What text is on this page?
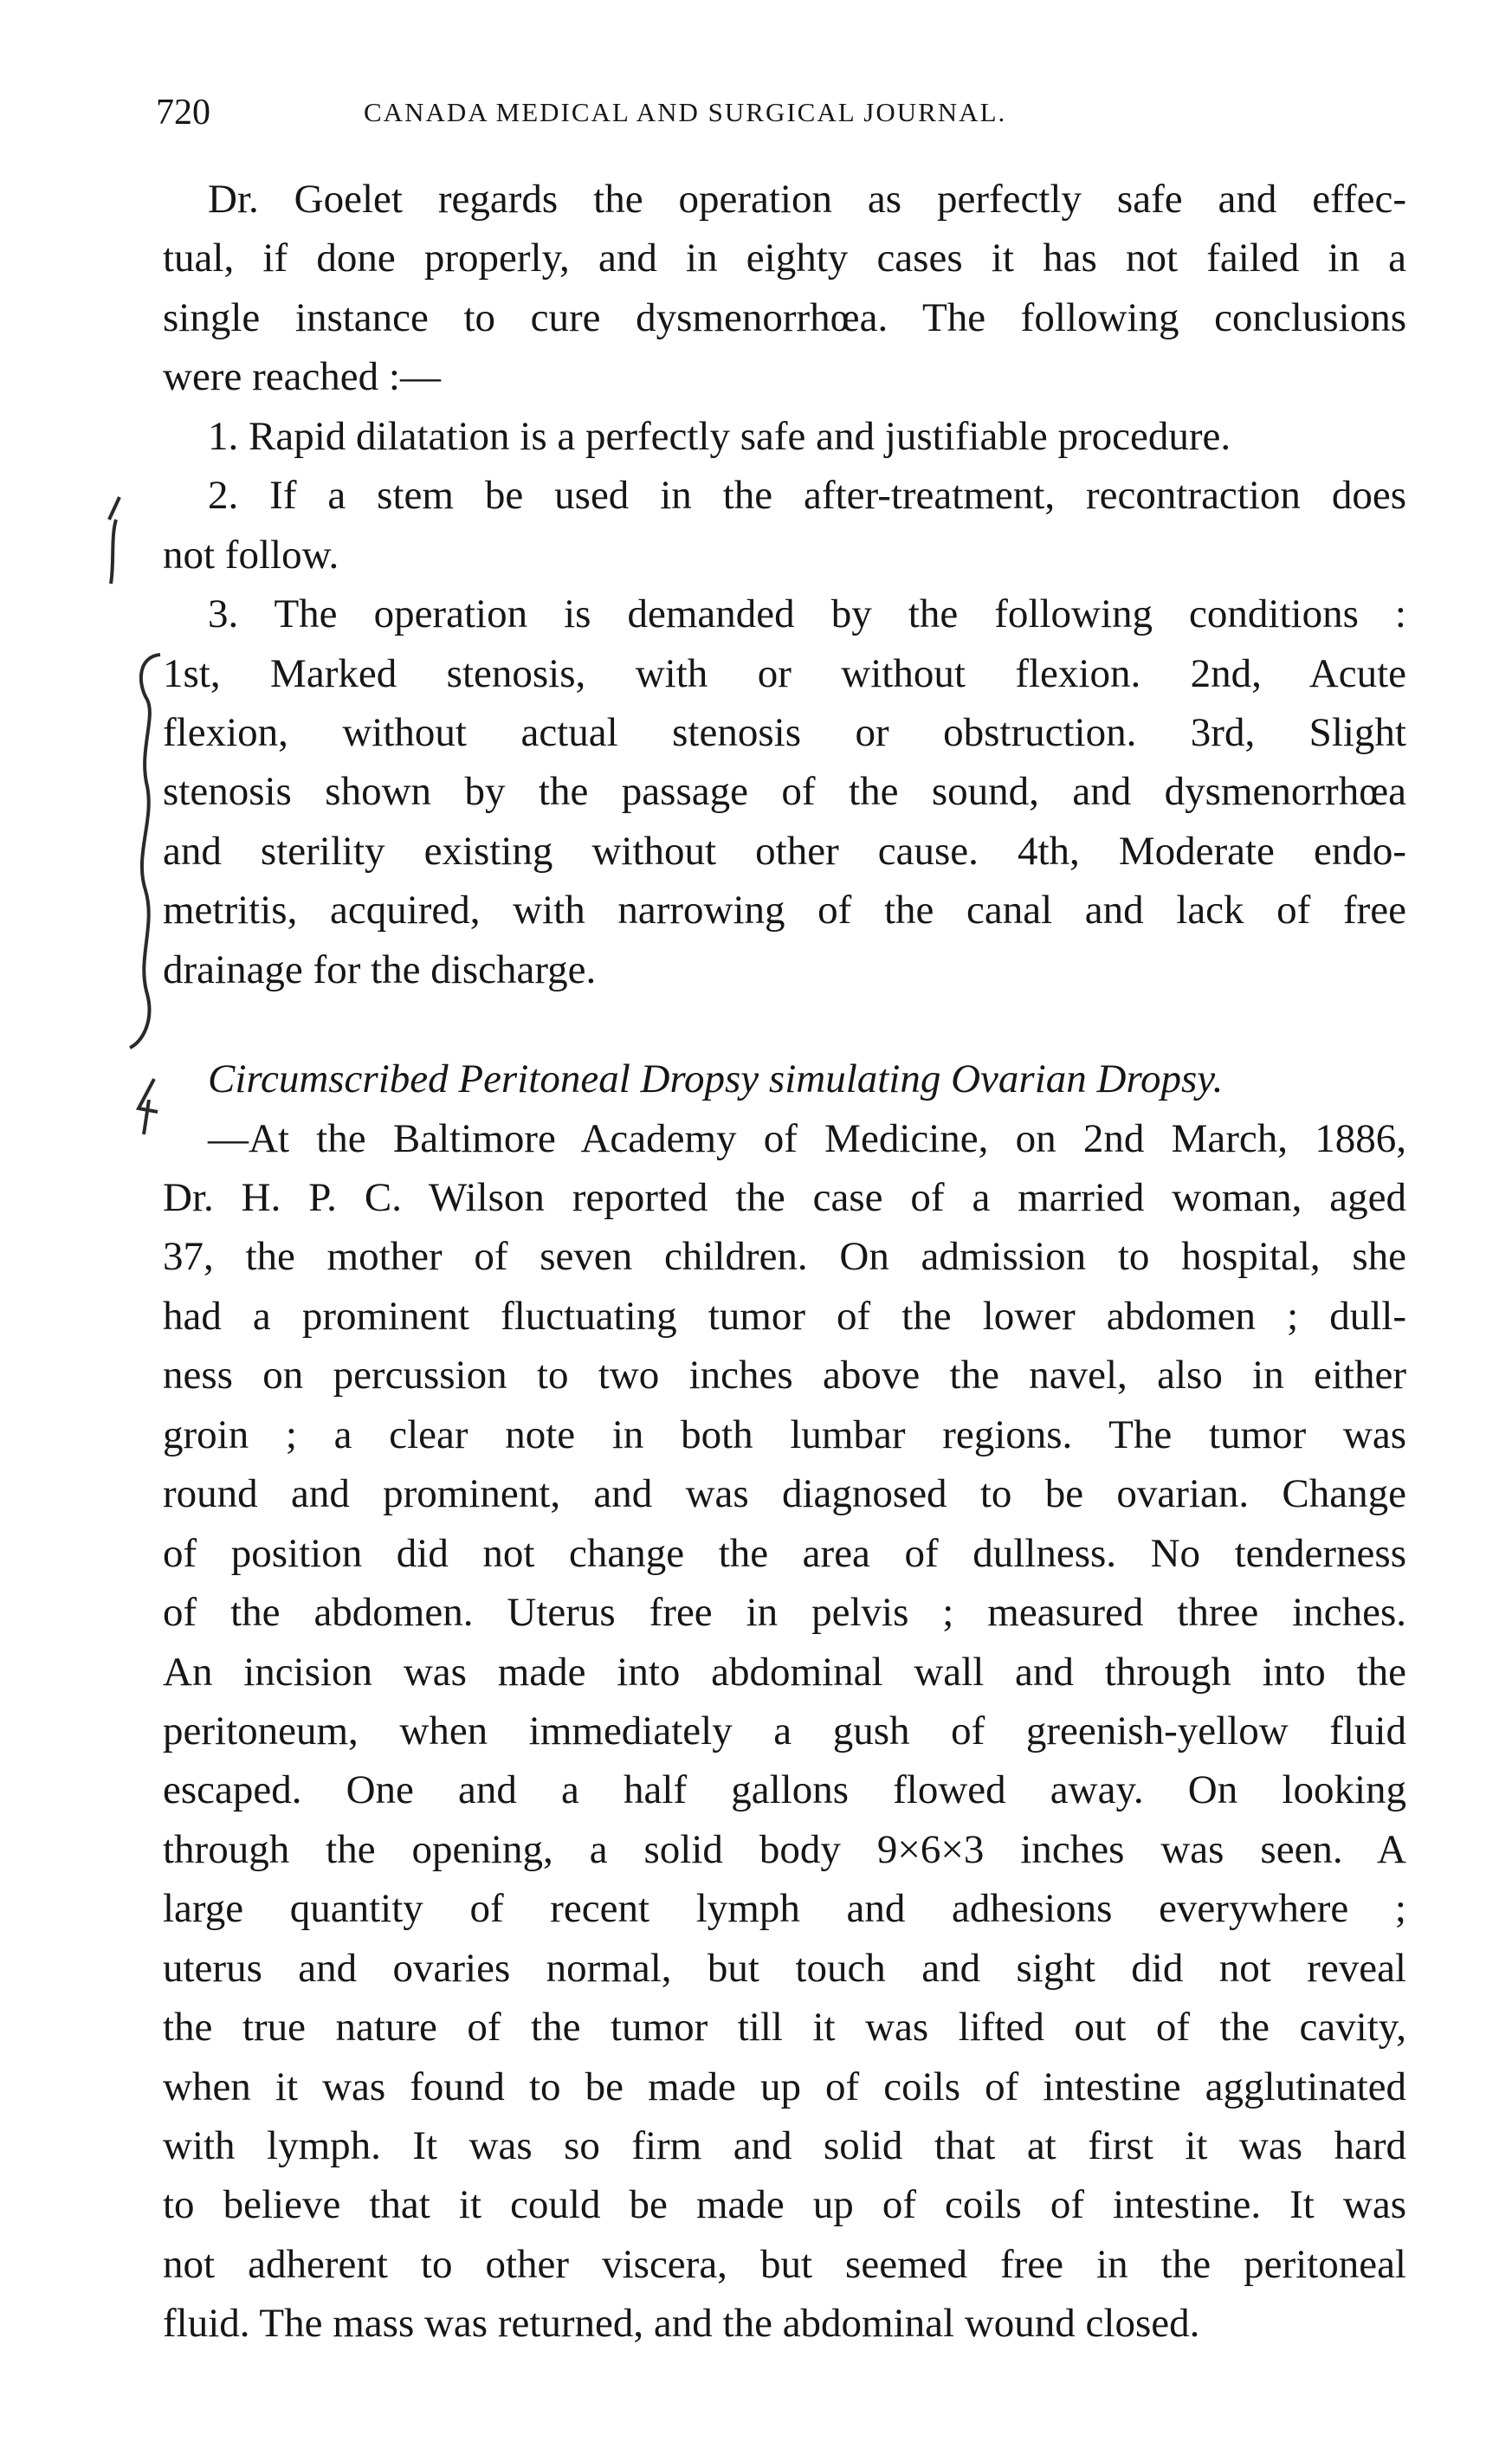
720	CANADA MEDICAL AND SURGICAL JOURNAL.
Dr. Goelet regards the operation as perfectly safe and effec-
tual, if done properly, and in eighty cases it has not failed in a
single instance to cure dysmenorrhœa. The following conclusions
were reached :—
1. Rapid dilatation is a perfectly safe and justifiable procedure.
2. If a stem be used in the after-treatment, recontraction does
not follow.
3. The operation is demanded by the following conditions :
1st, Marked stenosis, with or without flexion. 2nd, Acute
flexion, without actual stenosis or obstruction. 3rd, Slight
stenosis shown by the passage of the sound, and dysmenorrhœa
and sterility existing without other cause. 4th, Moderate endo-
metritis, acquired, with narrowing of the canal and lack of free
drainage for the discharge.
Circumscribed Peritoneal Dropsy simulating Ovarian Dropsy.
—At the Baltimore Academy of Medicine, on 2nd March, 1886,
Dr. H. P. C. Wilson reported the case of a married woman, aged
37, the mother of seven children. On admission to hospital, she
had a prominent fluctuating tumor of the lower abdomen ; dull-
ness on percussion to two inches above the navel, also in either
groin ; a clear note in both lumbar regions. The tumor was
round and prominent, and was diagnosed to be ovarian. Change
of position did not change the area of dullness. No tenderness
of the abdomen. Uterus free in pelvis ; measured three inches.
An incision was made into abdominal wall and through into the
peritoneum, when immediately a gush of greenish-yellow fluid
escaped. One and a half gallons flowed away. On looking
through the opening, a solid body 9×6×3 inches was seen. A
large quantity of recent lymph and adhesions everywhere ;
uterus and ovaries normal, but touch and sight did not reveal
the true nature of the tumor till it was lifted out of the cavity,
when it was found to be made up of coils of intestine agglutinated
with lymph. It was so firm and solid that at first it was hard
to believe that it could be made up of coils of intestine. It was
not adherent to other viscera, but seemed free in the peritoneal
fluid. The mass was returned, and the abdominal wound closed.
